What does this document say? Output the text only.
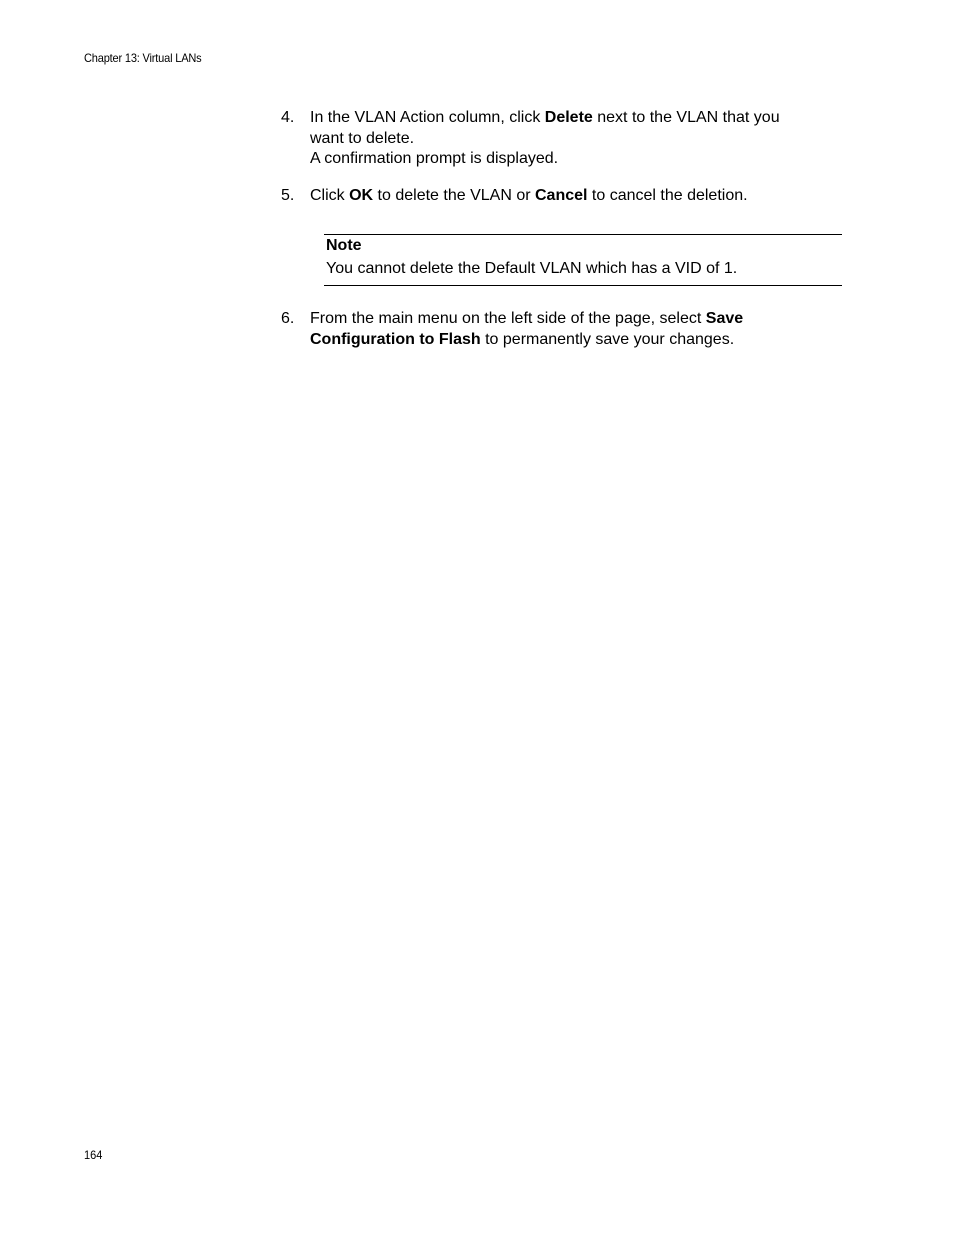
Chapter 13: Virtual LANs
4. In the VLAN Action column, click Delete next to the VLAN that you
want to delete.
A confirmation prompt is displayed.
5. Click OK to delete the VLAN or Cancel to cancel the deletion.
Note
You cannot delete the Default VLAN which has a VID of 1.
6. From the main menu on the left side of the page, select Save
Configuration to Flash to permanently save your changes.
164
